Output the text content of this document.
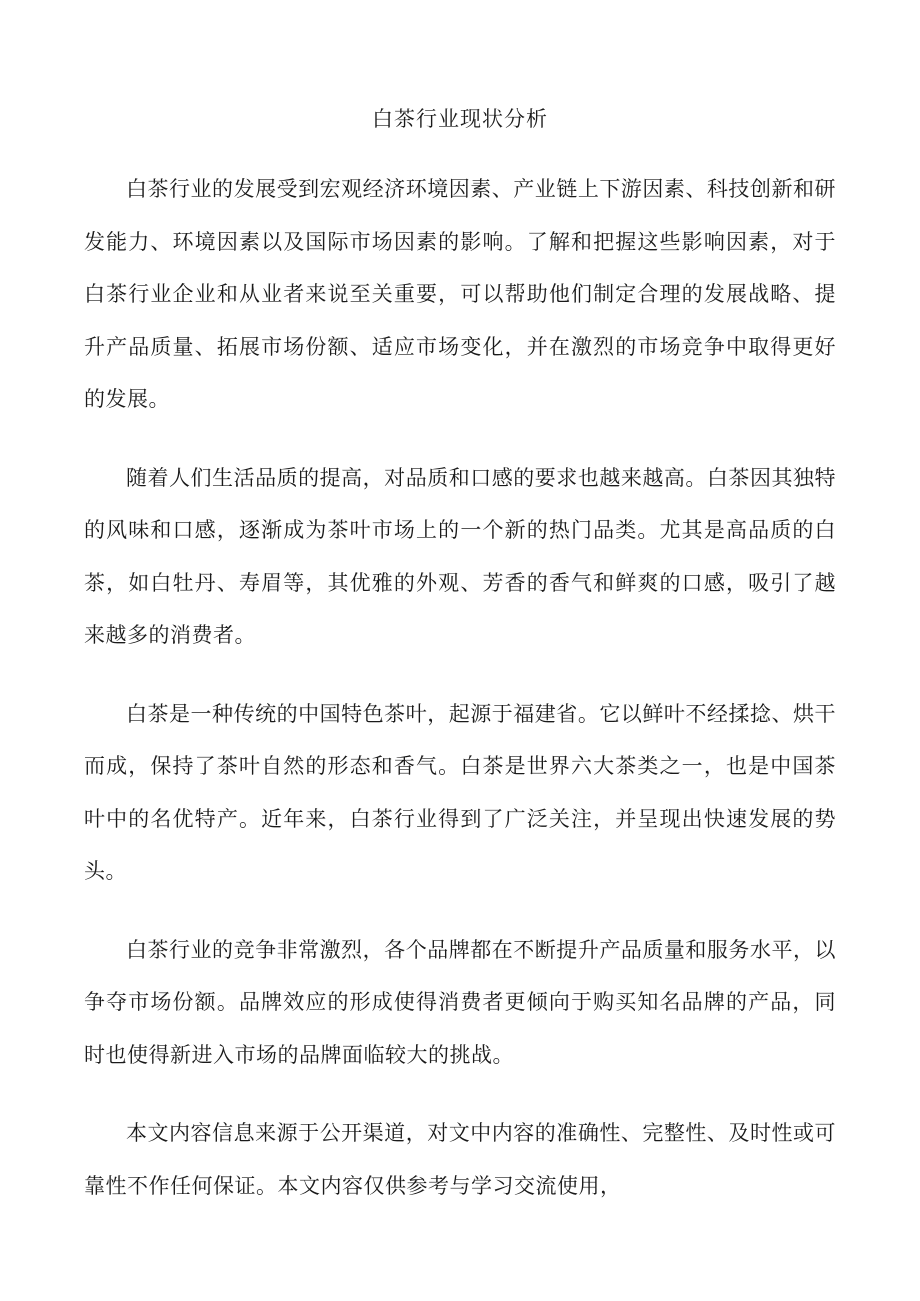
白茶行业现状分析

白茶行业的发展受到宏观经济环境因素、产业链上下游因素、科技创新和研发能力、环境因素以及国际市场因素的影响。了解和把握这些影响因素，对于白茶行业企业和从业者来说至关重要，可以帮助他们制定合理的发展战略、提升产品质量、拓展市场份额、适应市场变化，并在激烈的市场竞争中取得更好的发展。

随着人们生活品质的提高，对品质和口感的要求也越来越高。白茶因其独特的风味和口感，逐渐成为茶叶市场上的一个新的热门品类。尤其是高品质的白茶，如白牡丹、寿眉等，其优雅的外观、芳香的香气和鲜爽的口感，吸引了越来越多的消费者。

白茶是一种传统的中国特色茶叶，起源于福建省。它以鲜叶不经揉捻、烘干而成，保持了茶叶自然的形态和香气。白茶是世界六大茶类之一，也是中国茶叶中的名优特产。近年来，白茶行业得到了广泛关注，并呈现出快速发展的势头。

白茶行业的竞争非常激烈，各个品牌都在不断提升产品质量和服务水平，以争夺市场份额。品牌效应的形成使得消费者更倾向于购买知名品牌的产品，同时也使得新进入市场的品牌面临较大的挑战。

本文内容信息来源于公开渠道，对文中内容的准确性、完整性、及时性或可靠性不作任何保证。本文内容仅供参考与学习交流使用，
